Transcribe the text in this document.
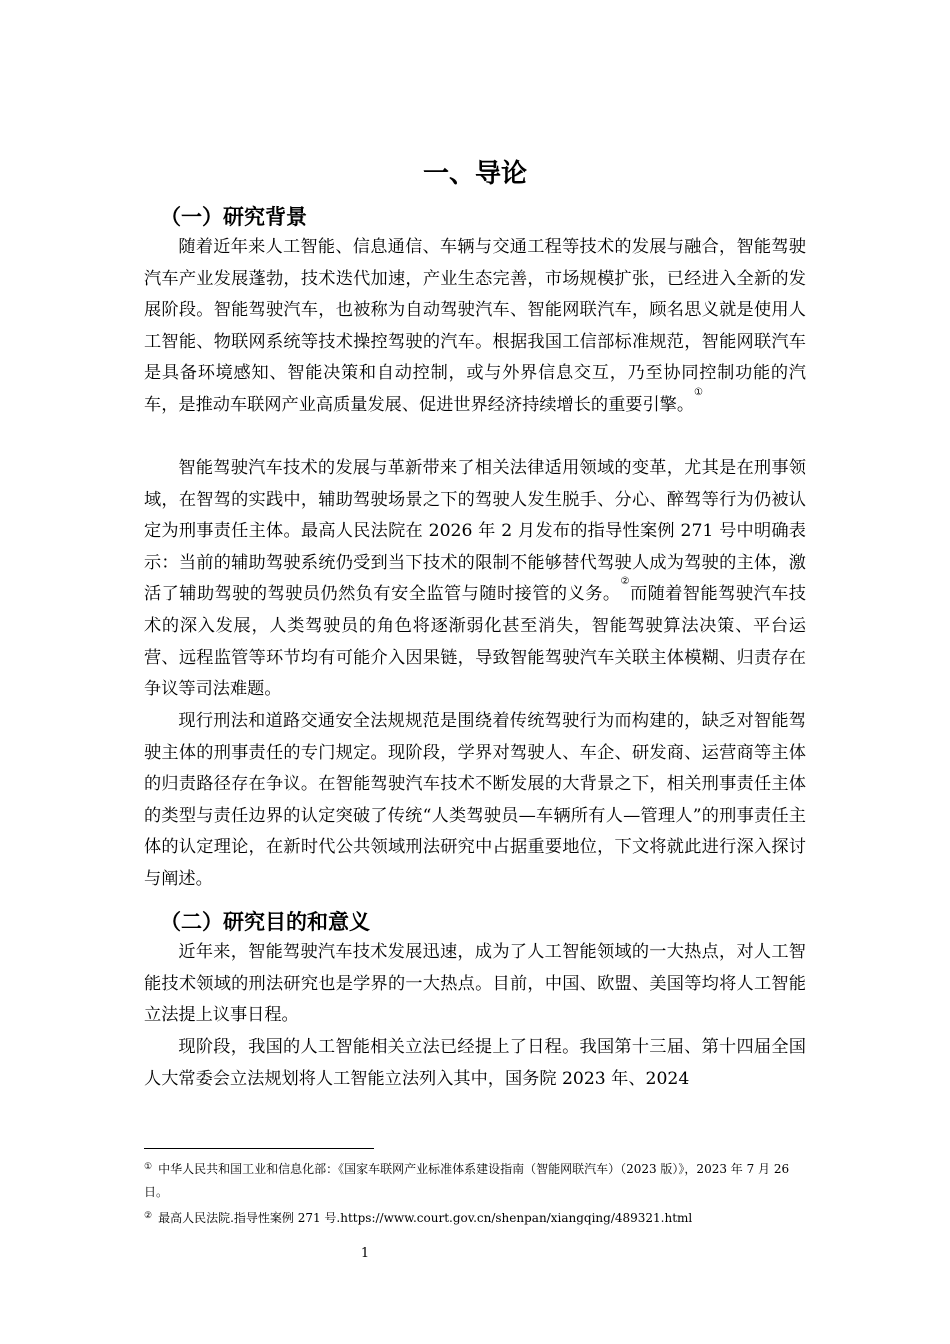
一、导论
（一）研究背景

随着近年来人工智能、信息通信、车辆与交通工程等技术的发展与融合，智能驾驶汽车产业发展蓬勃，技术迭代加速，产业生态完善，市场规模扩张，已经进入全新的发展阶段。智能驾驶汽车，也被称为自动驾驶汽车、智能网联汽车，顾名思义就是使用人工智能、物联网系统等技术操控驾驶的汽车。根据我国工信部标准规范，智能网联汽车是具备环境感知、智能决策和自动控制，或与外界信息交互，乃至协同控制功能的汽车，是推动车联网产业高质量发展、促进世界经济持续增长的重要引擎。①

智能驾驶汽车技术的发展与革新带来了相关法律适用领域的变革，尤其是在刑事领域，在智驾的实践中，辅助驾驶场景之下的驾驶人发生脱手、分心、醉驾等行为仍被认定为刑事责任主体。最高人民法院在 2026 年 2 月发布的指导性案例 271 号中明确表示：当前的辅助驾驶系统仍受到当下技术的限制不能够替代驾驶人成为驾驶的主体，激活了辅助驾驶的驾驶员仍然负有安全监管与随时接管的义务。②而随着智能驾驶汽车技术的深入发展，人类驾驶员的角色将逐渐弱化甚至消失，智能驾驶算法决策、平台运营、远程监管等环节均有可能介入因果链，导致智能驾驶汽车关联主体模糊、归责存在争议等司法难题。

现行刑法和道路交通安全法规规范是围绕着传统驾驶行为而构建的，缺乏对智能驾驶主体的刑事责任的专门规定。现阶段，学界对驾驶人、车企、研发商、运营商等主体的归责路径存在争议。在智能驾驶汽车技术不断发展的大背景之下，相关刑事责任主体的类型与责任边界的认定突破了传统“人类驾驶员—车辆所有人—管理人”的刑事责任主体的认定理论，在新时代公共领域刑法研究中占据重要地位，下文将就此进行深入探讨与阐述。

（二）研究目的和意义

近年来，智能驾驶汽车技术发展迅速，成为了人工智能领域的一大热点，对人工智能技术领域的刑法研究也是学界的一大热点。目前，中国、欧盟、美国等均将人工智能立法提上议事日程。

现阶段，我国的人工智能相关立法已经提上了日程。我国第十三届、第十四届全国人大常委会立法规划将人工智能立法列入其中，国务院 2023 年、2024

① 中华人民共和国工业和信息化部：《国家车联网产业标准体系建设指南（智能网联汽车）（2023 版）》，2023 年 7 月 26 日。

② 最高人民法院.指导性案例 271 号.https://www.court.gov.cn/shenpan/xiangqing/489321.html

1
